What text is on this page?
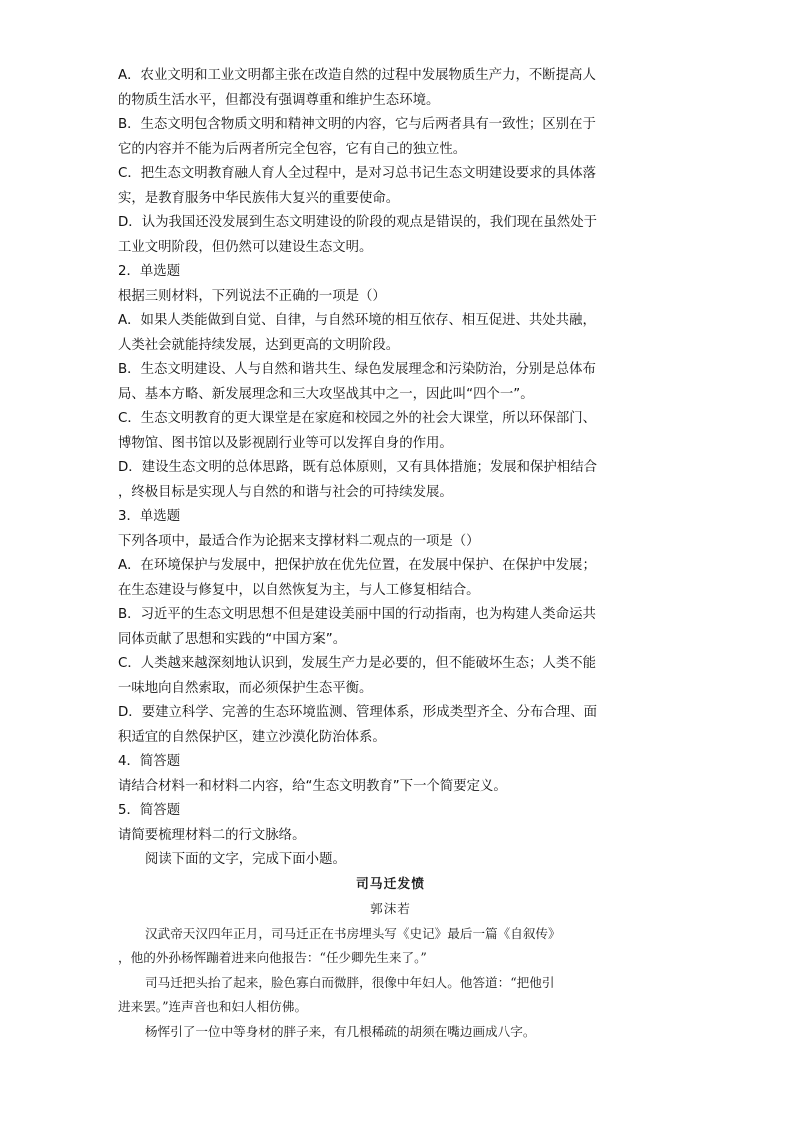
A．农业文明和工业文明都主张在改造自然的过程中发展物质生产力，不断提高人
的物质生活水平，但都没有强调尊重和维护生态环境。
B．生态文明包含物质文明和精神文明的内容，它与后两者具有一致性；区别在于
它的内容并不能为后两者所完全包容，它有自己的独立性。
C．把生态文明教育融人育人全过程中，是对习总书记生态文明建设要求的具体落
实，是教育服务中华民族伟大复兴的重要使命。
D．认为我国还没发展到生态文明建设的阶段的观点是错误的，我们现在虽然处于
工业文明阶段，但仍然可以建设生态文明。
2．单选题
根据三则材料，下列说法不正确的一项是（）
A．如果人类能做到自觉、自律，与自然环境的相互依存、相互促进、共处共融，
人类社会就能持续发展，达到更高的文明阶段。
B．生态文明建设、人与自然和谐共生、绿色发展理念和污染防治，分别是总体布
局、基本方略、新发展理念和三大攻坚战其中之一，因此叫“四个一”。
C．生态文明教育的更大课堂是在家庭和校园之外的社会大课堂，所以环保部门、
博物馆、图书馆以及影视剧行业等可以发挥自身的作用。
D．建设生态文明的总体思路，既有总体原则，又有具体措施；发展和保护相结合
，终极目标是实现人与自然的和谐与社会的可持续发展。
3．单选题
下列各项中，最适合作为论据来支撑材料二观点的一项是（）
A．在环境保护与发展中，把保护放在优先位置，在发展中保护、在保护中发展；
在生态建设与修复中，以自然恢复为主，与人工修复相结合。
B．习近平的生态文明思想不但是建设美丽中国的行动指南，也为构建人类命运共
同体贡献了思想和实践的“中国方案”。
C．人类越来越深刻地认识到，发展生产力是必要的，但不能破坏生态；人类不能
一味地向自然索取，而必须保护生态平衡。
D．要建立科学、完善的生态环境监测、管理体系，形成类型齐全、分布合理、面
积适宜的自然保护区，建立沙漠化防治体系。
4．简答题
请结合材料一和材料二内容，给“生态文明教育”下一个简要定义。
5．简答题
请简要梳理材料二的行文脉络。
阅读下面的文字，完成下面小题。
司马迁发愤
郭沫若
汉武帝天汉四年正月，司马迁正在书房埋头写《史记》最后一篇《自叙传》
，他的外孙杨恽蹦着进来向他报告：“任少卿先生来了。”
司马迁把头抬了起来，脸色寡白而微胖，很像中年妇人。他答道：“把他引
进来罢。”连声音也和妇人相仿佛。
杨恽引了一位中等身材的胖子来，有几根稀疏的胡须在嘴边画成八字。
